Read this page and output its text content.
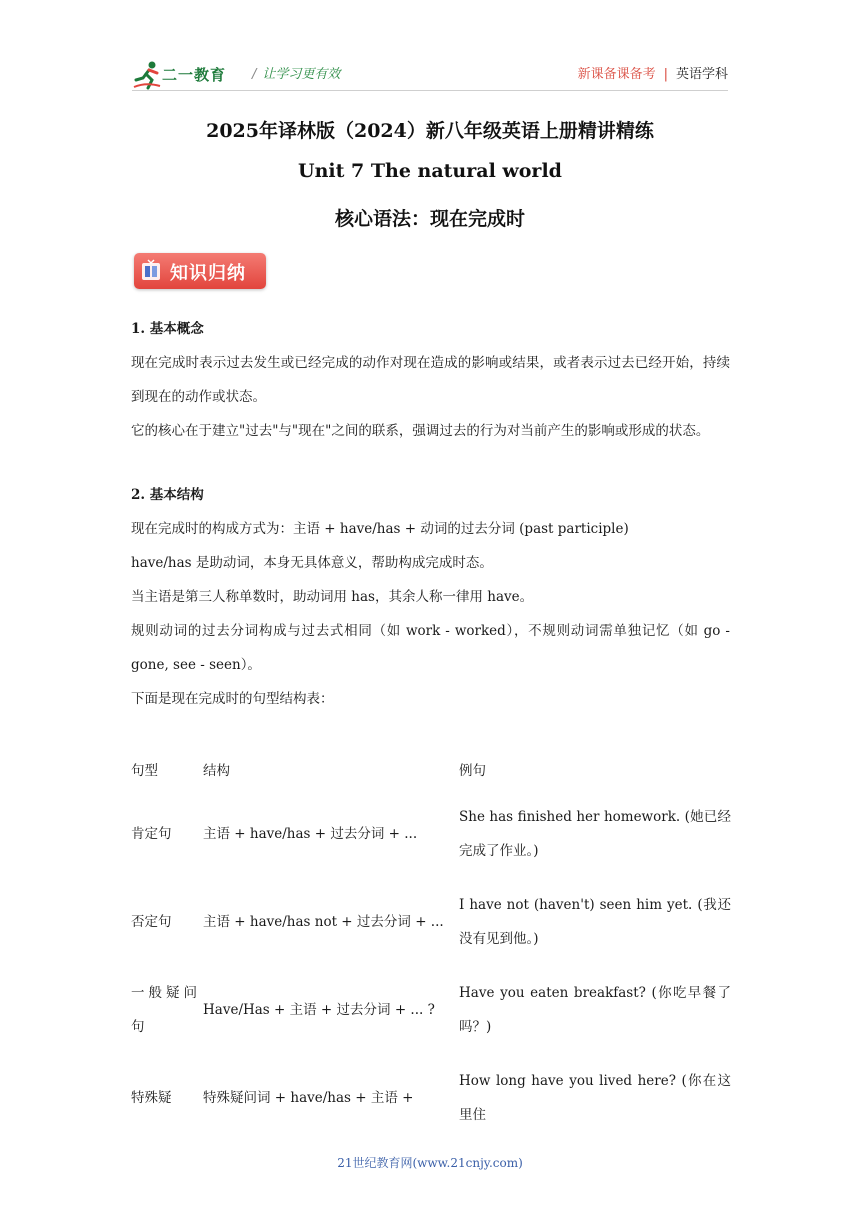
二一教育 / 让学习更有效	新课备课备考 | 英语学科
2025年译林版（2024）新八年级英语上册精讲精练
Unit 7 The natural world
核心语法：现在完成时
知识归纳

1. 基本概念

现在完成时表示过去发生或已经完成的动作对现在造成的影响或结果，或者表示过去已经开始，持续到现在的动作或状态。

它的核心在于建立"过去"与"现在"之间的联系，强调过去的行为对当前产生的影响或形成的状态。

2. 基本结构

现在完成时的构成方式为：主语 + have/has + 动词的过去分词 (past participle)

have/has 是助动词，本身无具体意义，帮助构成完成时态。

当主语是第三人称单数时，助动词用 has，其余人称一律用 have。

规则动词的过去分词构成与过去式相同（如 work - worked），不规则动词需单独记忆（如 go - gone, see - seen）。

下面是现在完成时的句型结构表：

句型	结构	例句
肯定句	主语 + have/has + 过去分词 + ...	She has finished her homework. (她已经完成了作业。)
否定句	主语 + have/has not + 过去分词 + ...	I have not (haven't) seen him yet. (我还没有见到他。)
一般疑问句	Have/Has + 主语 + 过去分词 + ... ?	Have you eaten breakfast? (你吃早餐了吗？)
特殊疑	特殊疑问词 + have/has + 主语 +	How long have you lived here? (你在这里住
21世纪教育网(www.21cnjy.com)
